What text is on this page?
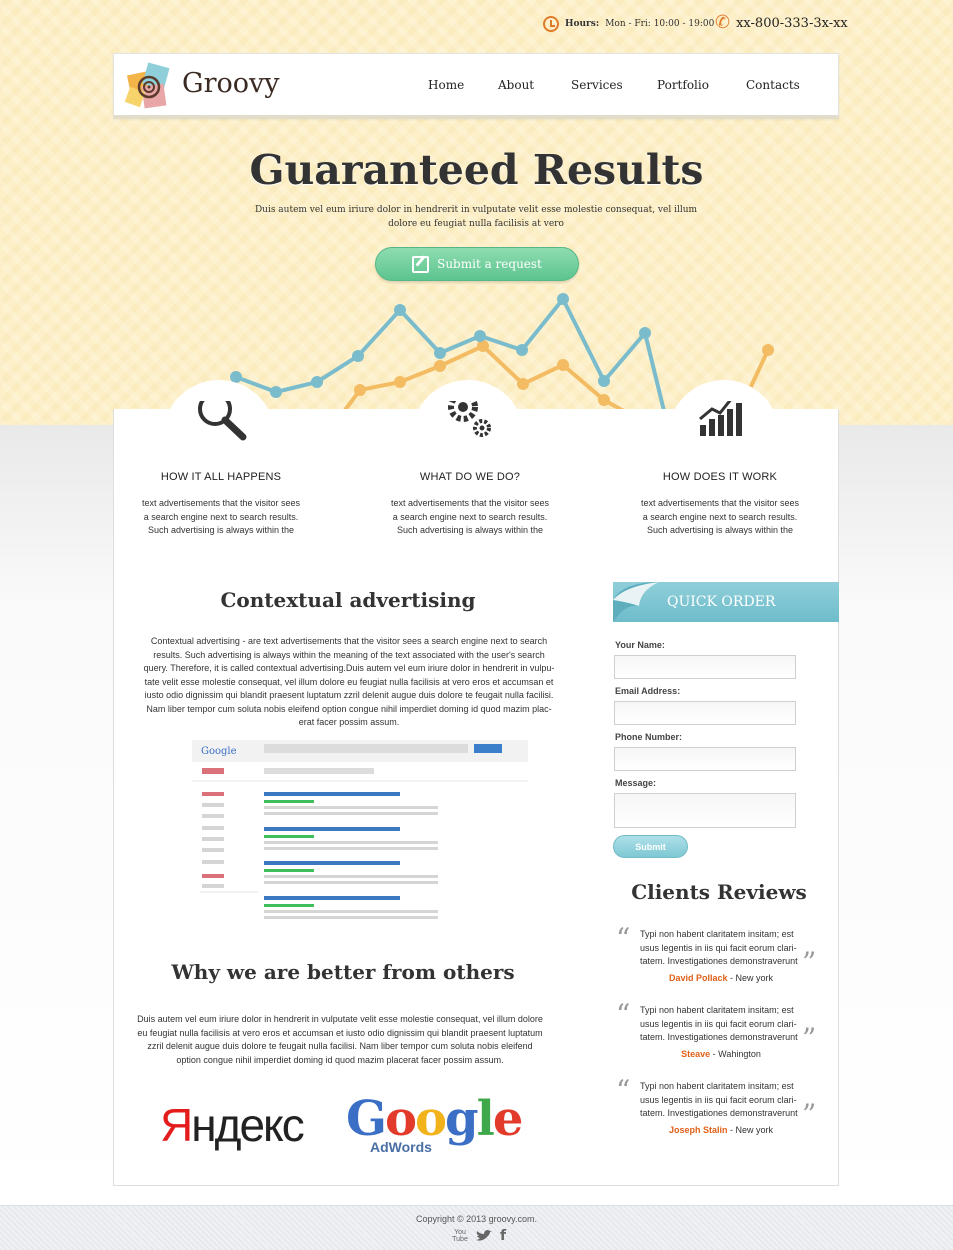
Hours: Mon - Fri: 10:00 - 19:00 ✆ xx-800-333-3x-xx
Groovy	Home	About	Services	Portfolio	Contacts
Guaranteed Results

Duis autem vel eum iriure dolor in hendrerit in vulputate velit esse molestie consequat, vel illum dolore eu feugiat nulla facilisis at vero

Submit a request
HOW IT ALL HAPPENS

text advertisements that the visitor sees a search engine next to search results. Such advertising is always within the

WHAT DO WE DO?

text advertisements that the visitor sees a search engine next to search results. Such advertising is always within the

HOW DOES IT WORK

text advertisements that the visitor sees a search engine next to search results. Such advertising is always within the

Contextual advertising

Contextual advertising - are text advertisements that the visitor sees a search engine next to search results. Such advertising is always within the meaning of the text associated with the user's search query. Therefore, it is called contextual advertising.Duis autem vel eum iriure dolor in hendrerit in vulpu- tate velit esse molestie consequat, vel illum dolore eu feugiat nulla facilisis at vero eros et accumsan et iusto odio dignissim qui blandit praesent luptatum zzril delenit augue duis dolore te feugait nulla facilisi. Nam liber tempor cum soluta nobis eleifend option congue nihil imperdiet doming id quod mazim plac- erat facer possim assum.

Google
Why we are better from others

Duis autem vel eum iriure dolor in hendrerit in vulputate velit esse molestie consequat, vel illum dolore eu feugiat nulla facilisis at vero eros et accumsan et iusto odio dignissim qui blandit praesent luptatum zzril delenit augue duis dolore te feugait nulla facilisi. Nam liber tempor cum soluta nobis eleifend option congue nihil imperdiet doming id quod mazim placerat facer possim assum.

Яндекс Google
AdWords
QUICK ORDER
Your Name:
Email Address:
Phone Number:
Message:
Submit
Clients Reviews
“ Typi non habent claritatem insitam; est usus legentis in iis qui facit eorum clari- tatem. Investigationes demonstraverunt ”
David Pollack - New york
“ Typi non habent claritatem insitam; est usus legentis in iis qui facit eorum clari- tatem. Investigationes demonstraverunt ”
Steave - Wahington
“ Typi non habent claritatem insitam; est usus legentis in iis qui facit eorum clari- tatem. Investigationes demonstraverunt ”
Joseph Stalin - New york
Copyright © 2013 groovy.com.
You Tube f
